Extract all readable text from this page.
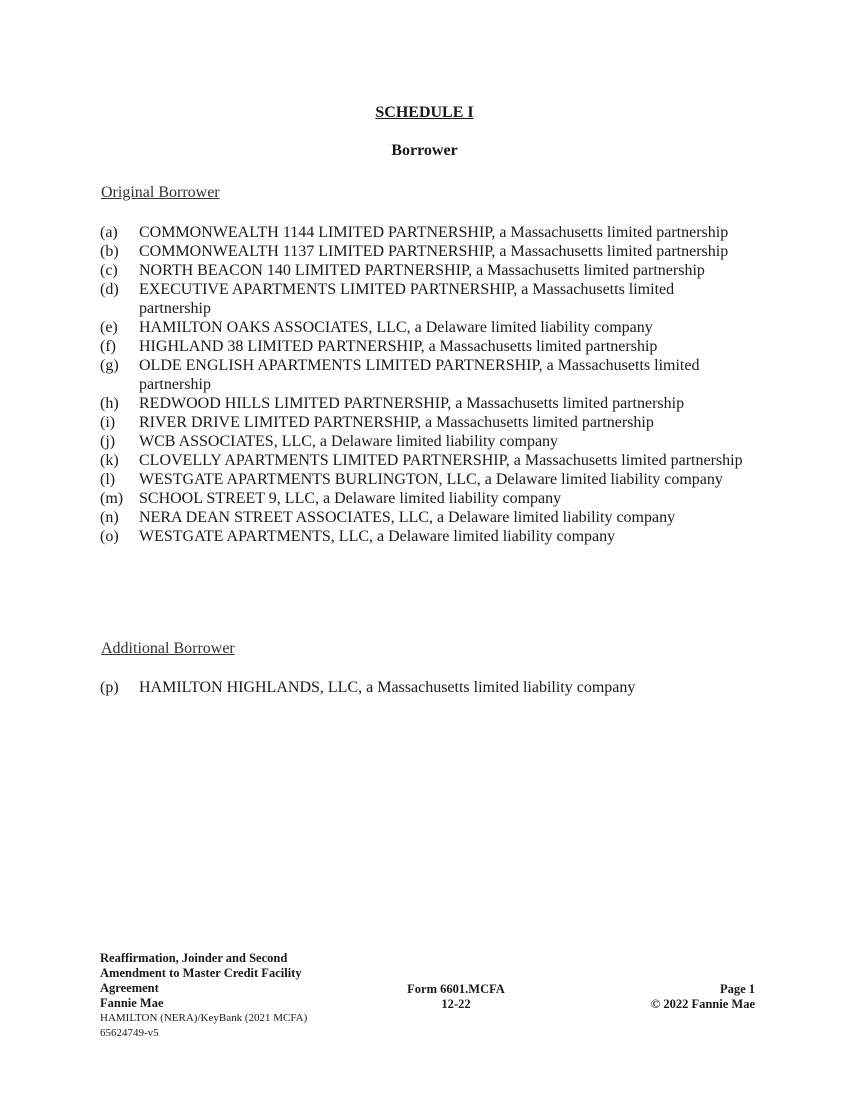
SCHEDULE I
Borrower
Original Borrower
(a)	COMMONWEALTH 1144 LIMITED PARTNERSHIP, a Massachusetts limited partnership
(b)	COMMONWEALTH 1137 LIMITED PARTNERSHIP, a Massachusetts limited partnership
(c)	NORTH BEACON 140 LIMITED PARTNERSHIP, a Massachusetts limited partnership
(d)	EXECUTIVE APARTMENTS LIMITED PARTNERSHIP, a Massachusetts limited partnership
(e)	HAMILTON OAKS ASSOCIATES, LLC, a Delaware limited liability company
(f)	HIGHLAND 38 LIMITED PARTNERSHIP, a Massachusetts limited partnership
(g)	OLDE ENGLISH APARTMENTS LIMITED PARTNERSHIP, a Massachusetts limited partnership
(h)	REDWOOD HILLS LIMITED PARTNERSHIP, a Massachusetts limited partnership
(i)	RIVER DRIVE LIMITED PARTNERSHIP, a Massachusetts limited partnership
(j)	WCB ASSOCIATES, LLC, a Delaware limited liability company
(k)	CLOVELLY APARTMENTS LIMITED PARTNERSHIP, a Massachusetts limited partnership
(l)	WESTGATE APARTMENTS BURLINGTON, LLC, a Delaware limited liability company
(m) SCHOOL STREET 9, LLC, a Delaware limited liability company
(n)	NERA DEAN STREET ASSOCIATES, LLC, a Delaware limited liability company
(o)	WESTGATE APARTMENTS, LLC, a Delaware limited liability company
Additional Borrower
(p)	HAMILTON HIGHLANDS, LLC, a Massachusetts limited liability company
Reaffirmation, Joinder and Second
Amendment to Master Credit Facility
Agreement
Fannie Mae
HAMILTON (NERA)/KeyBank (2021 MCFA)
65624749-v5
Form 6601.MCFA
12-22
Page 1
© 2022 Fannie Mae
